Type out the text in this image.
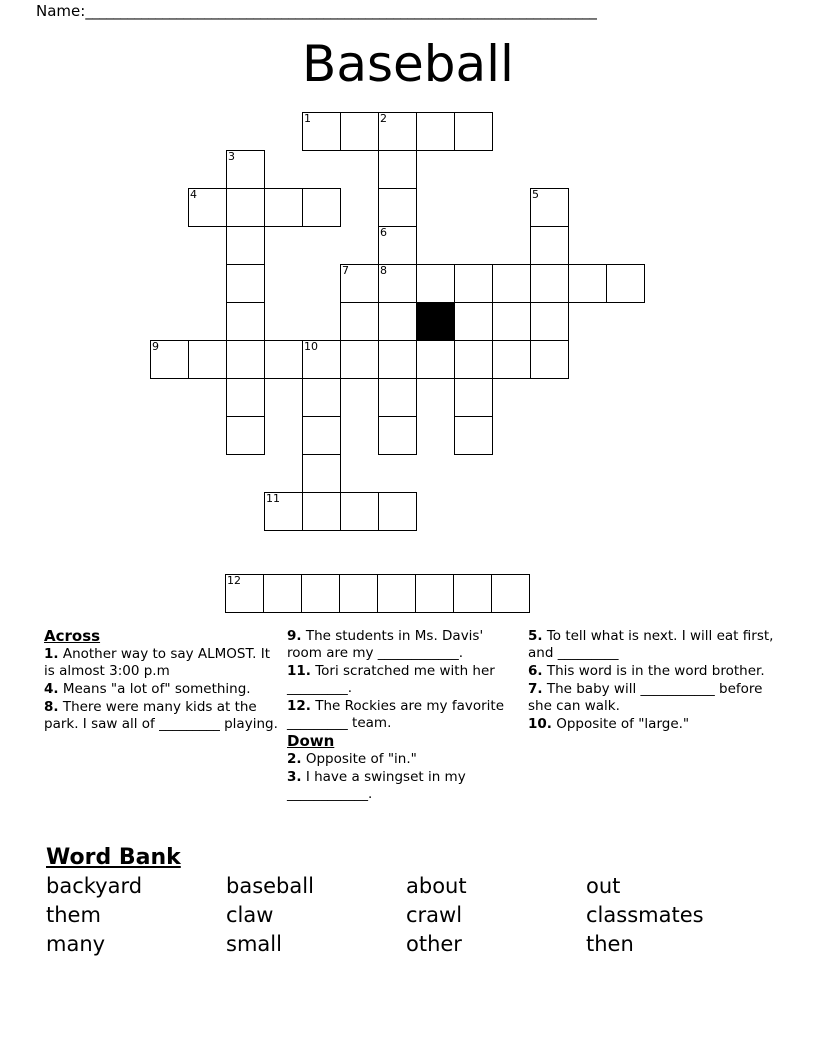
Name:_________________________________________________________________________
Baseball
1	2
3
4	5
6
7	8
9	10
11
12
Across
1. Another way to say ALMOST. It is almost 3:00 p.m
4. Means "a lot of" something.
8. There were many kids at the park. I saw all of _________ playing.
9. The students in Ms. Davis' room are my ____________.
11. Tori scratched me with her _________.
12. The Rockies are my favorite _________ team.
Down
2. Opposite of "in."
3. I have a swingset in my ____________.
5. To tell what is next. I will eat first, and _________
6. This word is in the word brother.
7. The baby will ___________ before she can walk.
10. Opposite of "large."
Word Bank
backyard	baseball	about	out
them	claw	crawl	classmates
many	small	other	then
